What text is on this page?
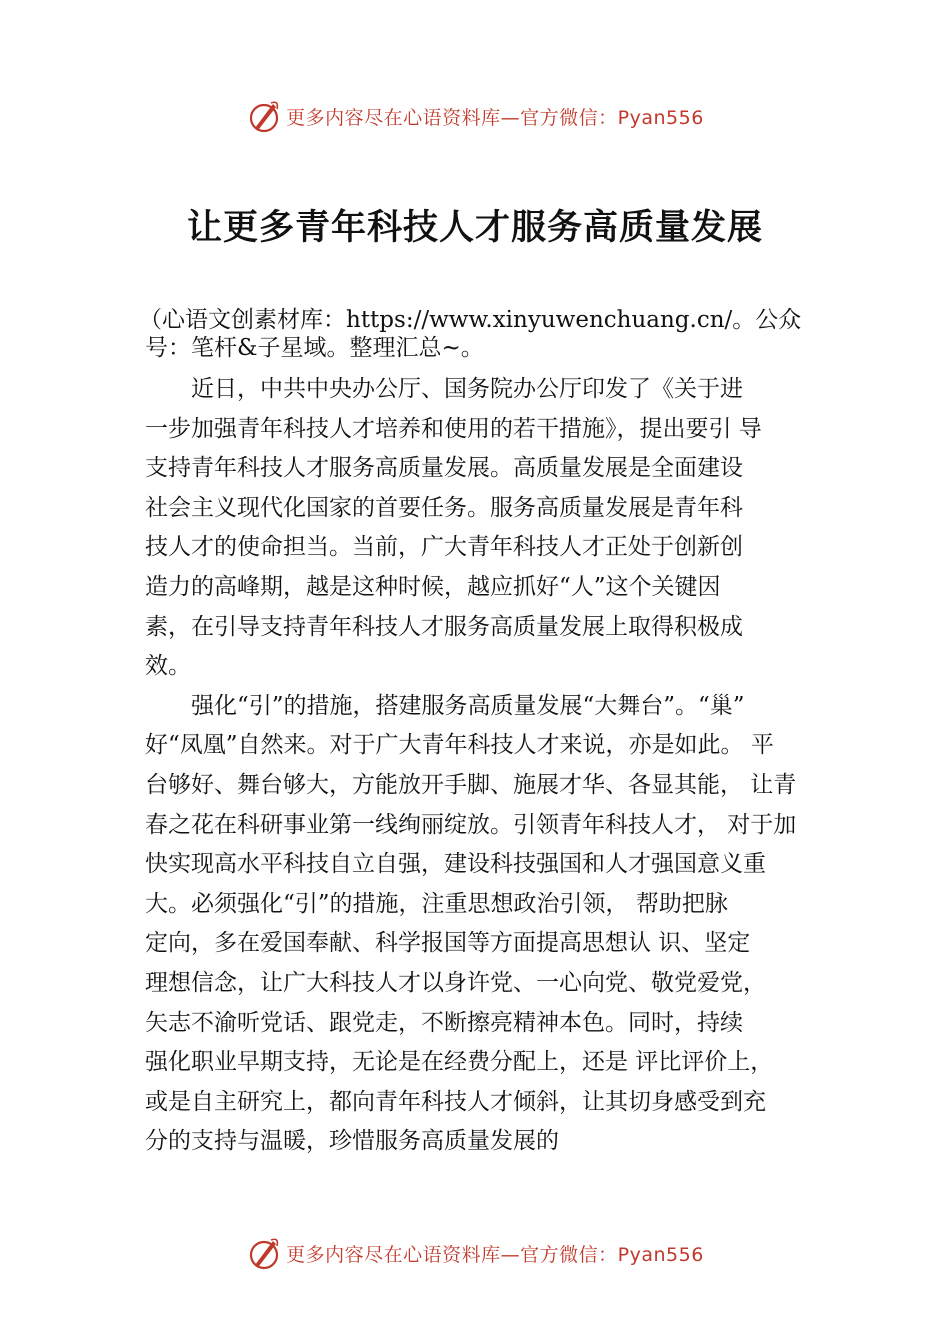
更多内容尽在心语资料库—官方微信：Pyan556
让更多青年科技人才服务高质量发展
（心语文创素材库：https://www.xinyuwenchuang.cn/。公众
号：笔杆&子星域。整理汇总~。
　　近日，中共中央办公厅、国务院办公厅印发了《关于进
一步加强青年科技人才培养和使用的若干措施》，提出要引 导
支持青年科技人才服务高质量发展。高质量发展是全面建设
社会主义现代化国家的首要任务。服务高质量发展是青年科
技人才的使命担当。当前，广大青年科技人才正处于创新创
造力的高峰期，越是这种时候，越应抓好“人”这个关键因
素，在引导支持青年科技人才服务高质量发展上取得积极成
效。
　　强化“引”的措施，搭建服务高质量发展“大舞台”。“巢”
好“凤凰”自然来。对于广大青年科技人才来说，亦是如此。 平
台够好、舞台够大，方能放开手脚、施展才华、各显其能， 让青
春之花在科研事业第一线绚丽绽放。引领青年科技人才， 对于加
快实现高水平科技自立自强，建设科技强国和人才强国意义重
大。必须强化“引”的措施，注重思想政治引领， 帮助把脉
定向，多在爱国奉献、科学报国等方面提高思想认 识、坚定
理想信念，让广大科技人才以身许党、一心向党、敬党爱党，
矢志不渝听党话、跟党走，不断擦亮精神本色。同时，持续
强化职业早期支持，无论是在经费分配上，还是 评比评价上，
或是自主研究上，都向青年科技人才倾斜，让其切身感受到充
分的支持与温暖，珍惜服务高质量发展的
更多内容尽在心语资料库—官方微信：Pyan556
